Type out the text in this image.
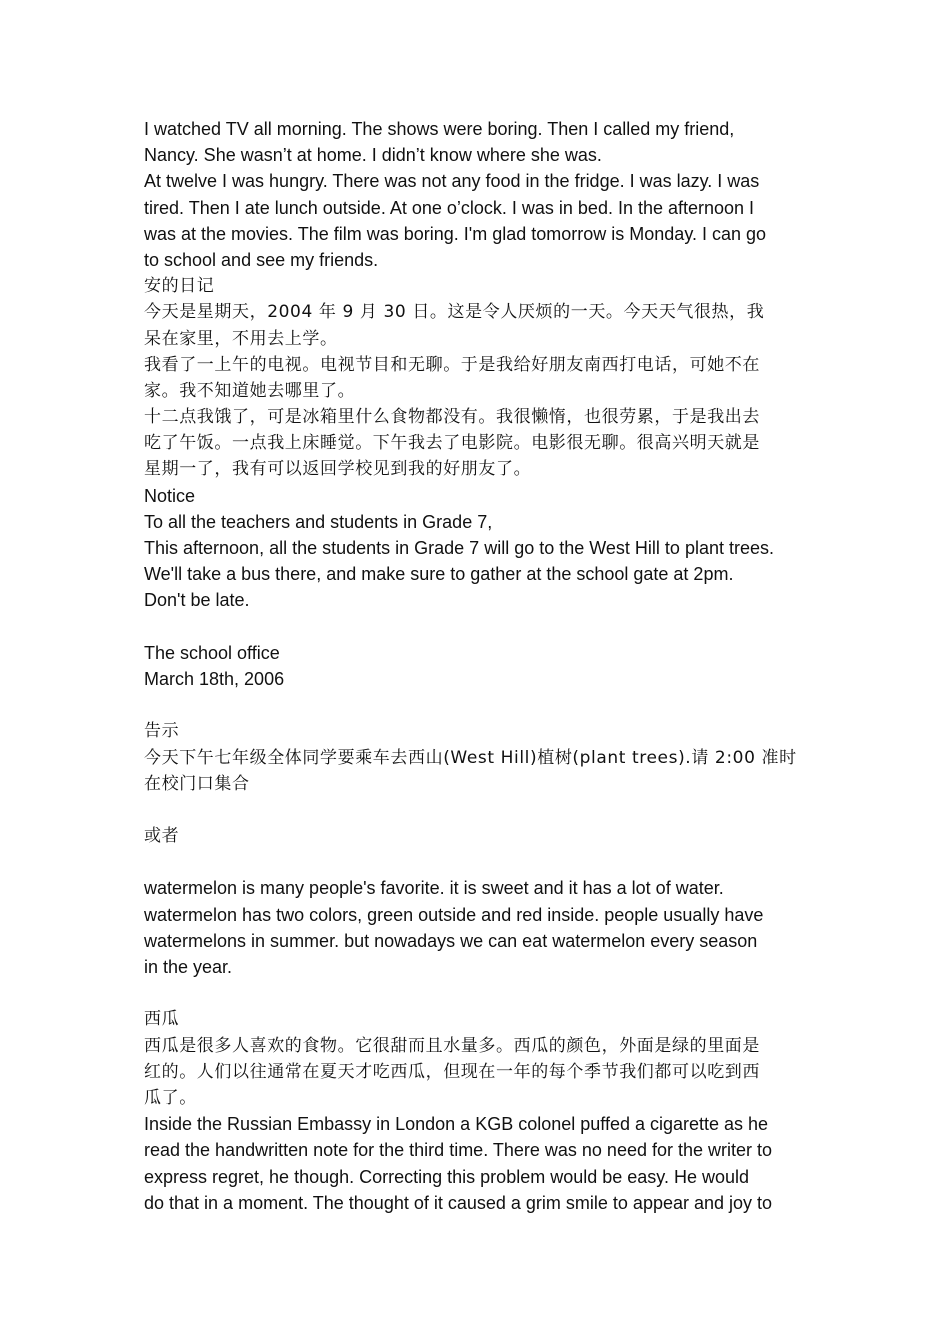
I watched TV all morning. The shows were boring. Then I called my friend,

Nancy. She wasn’t at home. I didn’t know where she was.

At twelve I was hungry. There was not any food in the fridge. I was lazy. I was

tired. Then I ate lunch outside. At one o’clock. I was in bed. In the afternoon I

was at the movies. The film was boring. I'm glad tomorrow is Monday. I can go

to school and see my friends.

安的日记

今天是星期天，2004 年 9 月 30 日。这是令人厌烦的一天。今天天气很热，我

呆在家里，不用去上学。

我看了一上午的电视。电视节目和无聊。于是我给好朋友南西打电话，可她不在

家。我不知道她去哪里了。

十二点我饿了，可是冰箱里什么食物都没有。我很懒惰，也很劳累，于是我出去

吃了午饭。一点我上床睡觉。下午我去了电影院。电影很无聊。很高兴明天就是

星期一了，我有可以返回学校见到我的好朋友了。

Notice

To all the teachers and students in Grade 7,

This afternoon, all the students in Grade 7 will go to the West Hill to plant trees.

We'll take a bus there, and make sure to gather at the school gate at 2pm.

Don't be late.

The school office

March 18th, 2006

告示

今天下午七年级全体同学要乘车去西山(West Hill)植树(plant trees).请 2:00 准时

在校门口集合

或者

watermelon is many people's favorite. it is sweet and it has a lot of water.

watermelon has two colors, green outside and red inside. people usually have

watermelons in summer. but nowadays we can eat watermelon every season

in the year.

西瓜

西瓜是很多人喜欢的食物。它很甜而且水量多。西瓜的颜色，外面是绿的里面是

红的。人们以往通常在夏天才吃西瓜，但现在一年的每个季节我们都可以吃到西

瓜了。

Inside the Russian Embassy in London a KGB colonel puffed a cigarette as he

read the handwritten note for the third time. There was no need for the writer to

express regret, he though. Correcting this problem would be easy. He would

do that in a moment. The thought of it caused a grim smile to appear and joy to
